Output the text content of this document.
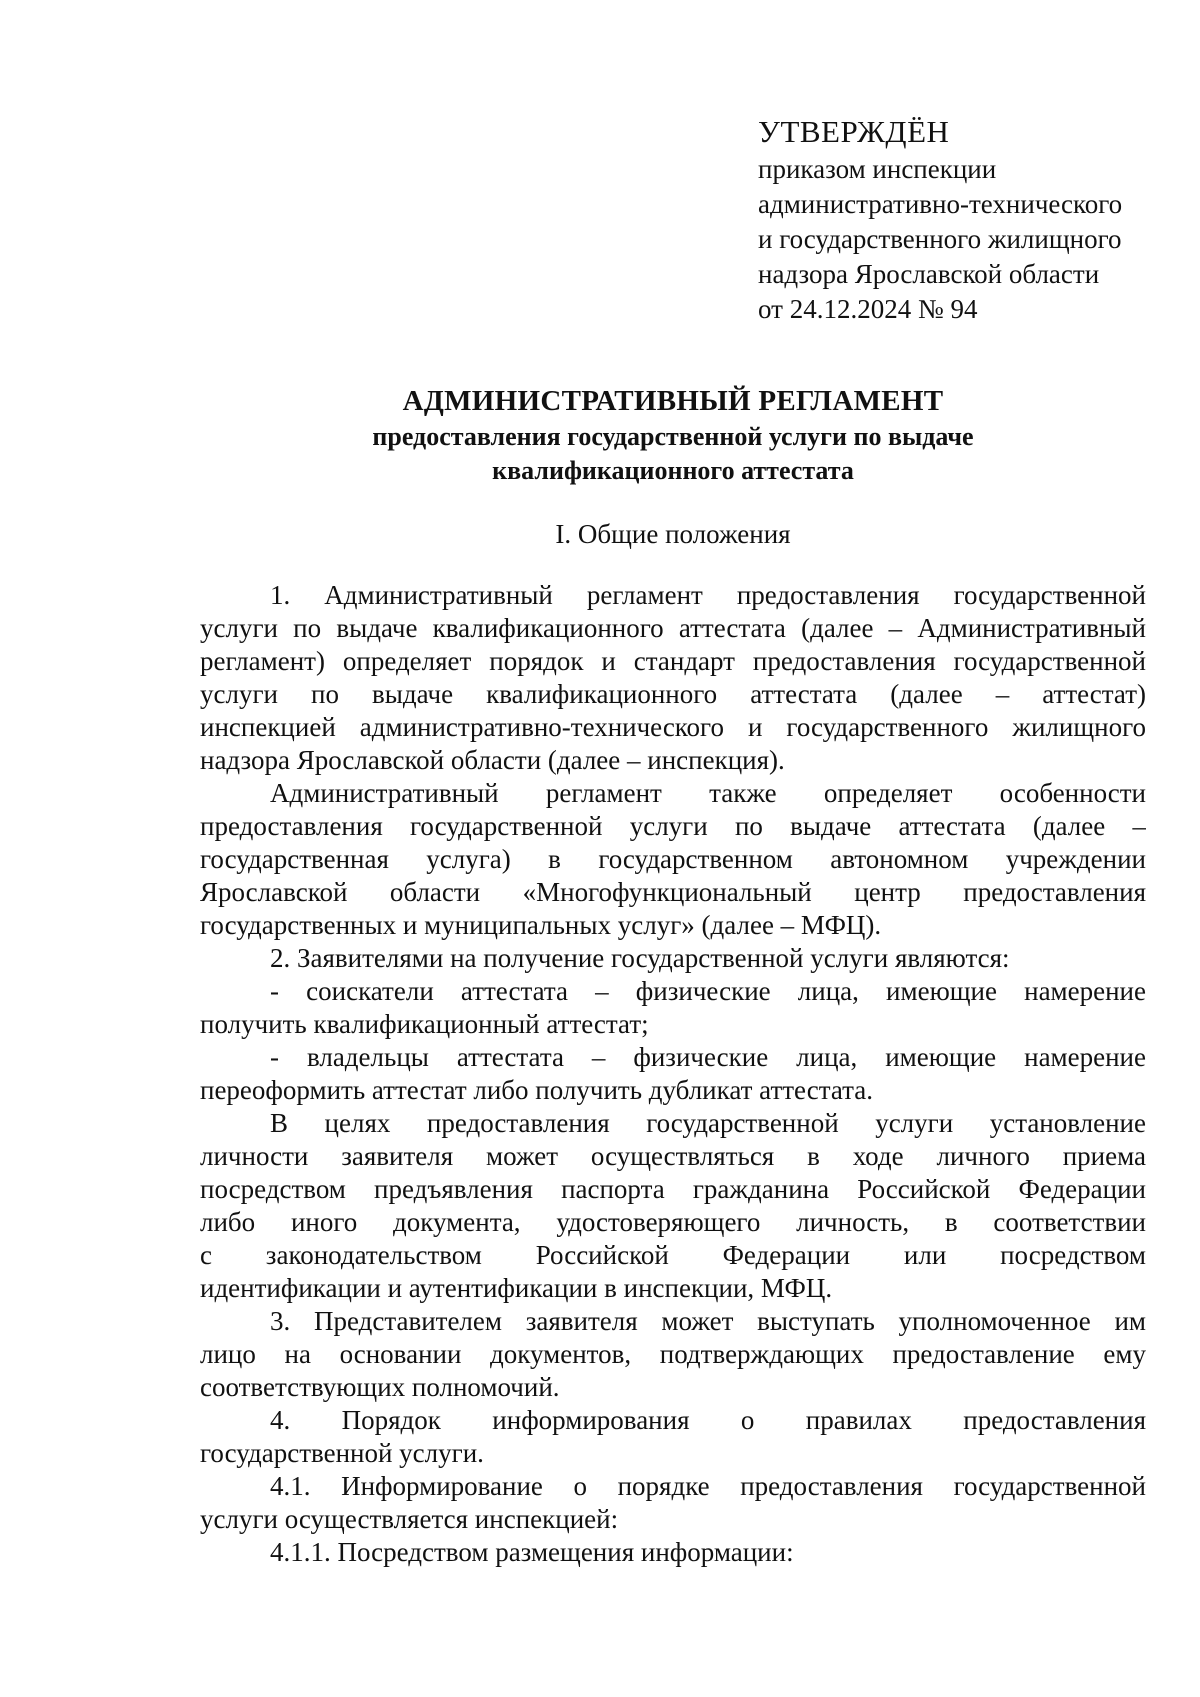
УТВЕРЖДЁН
приказом инспекции
административно-технического
и государственного жилищного
надзора Ярославской области
от 24.12.2024 № 94
АДМИНИСТРАТИВНЫЙ РЕГЛАМЕНТ
предоставления государственной услуги по выдаче
квалификационного аттестата
I. Общие положения
1. Административный регламент предоставления государственной
услуги по выдаче квалификационного аттестата (далее – Административный
регламент) определяет порядок и стандарт предоставления государственной
услуги по выдаче квалификационного аттестата (далее – аттестат)
инспекцией административно-технического и государственного жилищного
надзора Ярославской области (далее – инспекция).
Административный регламент также определяет особенности
предоставления государственной услуги по выдаче аттестата (далее –
государственная услуга) в государственном автономном учреждении
Ярославской области «Многофункциональный центр предоставления
государственных и муниципальных услуг» (далее – МФЦ).
2. Заявителями на получение государственной услуги являются:
- соискатели аттестата – физические лица, имеющие намерение
получить квалификационный аттестат;
- владельцы аттестата – физические лица, имеющие намерение
переоформить аттестат либо получить дубликат аттестата.
В целях предоставления государственной услуги установление
личности заявителя может осуществляться в ходе личного приема
посредством предъявления паспорта гражданина Российской Федерации
либо иного документа, удостоверяющего личность, в соответствии
с законодательством Российской Федерации или посредством
идентификации и аутентификации в инспекции, МФЦ.
3. Представителем заявителя может выступать уполномоченное им
лицо на основании документов, подтверждающих предоставление ему
соответствующих полномочий.
4. Порядок информирования о правилах предоставления
государственной услуги.
4.1. Информирование о порядке предоставления государственной
услуги осуществляется инспекцией:
4.1.1. Посредством размещения информации:
